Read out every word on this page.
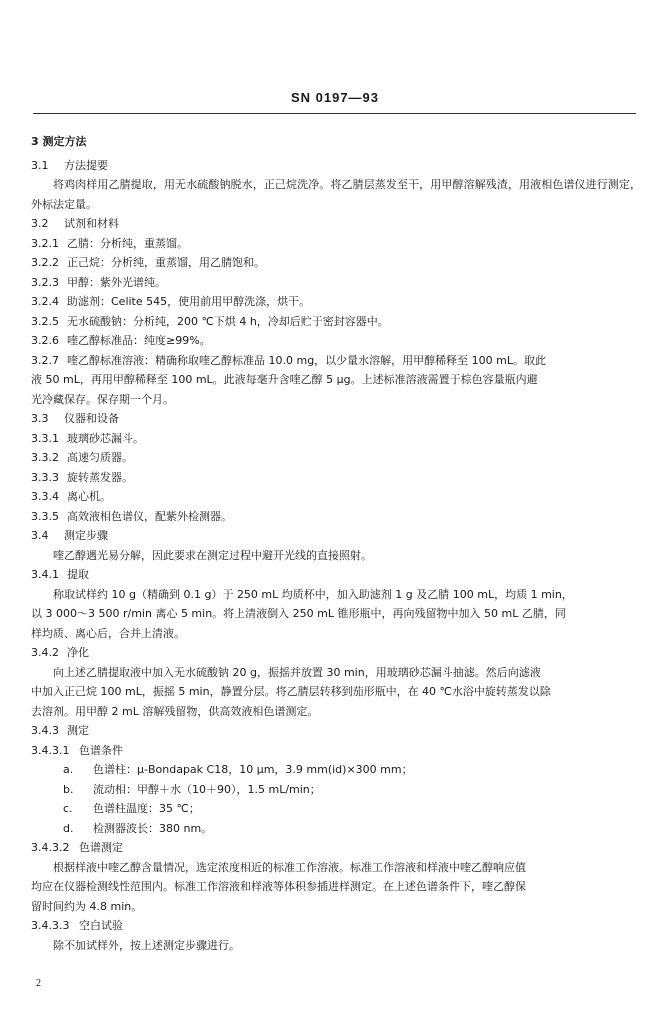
SN 0197—93
3 测定方法
3.1 方法提要
将鸡肉样用乙腈提取，用无水硫酸钠脱水，正己烷洗净。将乙腈层蒸发至干，用甲醇溶解残渣，用液相色谱仪进行测定，外标法定量。
3.2 试剂和材料
3.2.1 乙腈：分析纯，重蒸馏。
3.2.2 正己烷：分析纯，重蒸馏，用乙腈饱和。
3.2.3 甲醇：紫外光谱纯。
3.2.4 助滤剂：Celite 545，使用前用甲醇洗涤，烘干。
3.2.5 无水硫酸钠：分析纯，200 ℃下烘 4 h，冷却后贮于密封容器中。
3.2.6 喹乙醇标准品：纯度≥99%。
3.2.7 喹乙醇标准溶液：精确称取喹乙醇标准品 10.0 mg，以少量水溶解，用甲醇稀释至 100 mL。取此
液 50 mL，再用甲醇稀释至 100 mL。此液每毫升含喹乙醇 5 μg。上述标准溶液需置于棕色容量瓶内避
光冷藏保存。保存期一个月。
3.3 仪器和设备
3.3.1 玻璃砂芯漏斗。
3.3.2 高速匀质器。
3.3.3 旋转蒸发器。
3.3.4 离心机。
3.3.5 高效液相色谱仪，配紫外检测器。
3.4 测定步骤
喹乙醇遇光易分解，因此要求在测定过程中避开光线的直接照射。
3.4.1 提取
称取试样约 10 g（精确到 0.1 g）于 250 mL 均质杯中，加入助滤剂 1 g 及乙腈 100 mL，均质 1 min，
以 3 000～3 500 r/min 离心 5 min。将上清液倒入 250 mL 锥形瓶中，再向残留物中加入 50 mL 乙腈，同
样均质、离心后，合并上清液。
3.4.2 净化
向上述乙腈提取液中加入无水硫酸钠 20 g，振摇并放置 30 min，用玻璃砂芯漏斗抽滤。然后向滤液
中加入正己烷 100 mL，振摇 5 min，静置分层。将乙腈层转移到茄形瓶中，在 40 ℃水浴中旋转蒸发以除
去溶剂。用甲醇 2 mL 溶解残留物，供高效液相色谱测定。
3.4.3 测定
3.4.3.1 色谱条件
a. 色谱柱：μ-Bondapak C18，10 μm，3.9 mm(id)×300 mm；
b. 流动相：甲醇＋水（10＋90），1.5 mL/min；
c. 色谱柱温度：35 ℃；
d. 检测器波长：380 nm。
3.4.3.2 色谱测定
根据样液中喹乙醇含量情况，选定浓度相近的标准工作溶液。标准工作溶液和样液中喹乙醇响应值
均应在仪器检测线性范围内。标准工作溶液和样液等体积参插进样测定。在上述色谱条件下，喹乙醇保
留时间约为 4.8 min。
3.4.3.3 空白试验
除不加试样外，按上述测定步骤进行。
2
